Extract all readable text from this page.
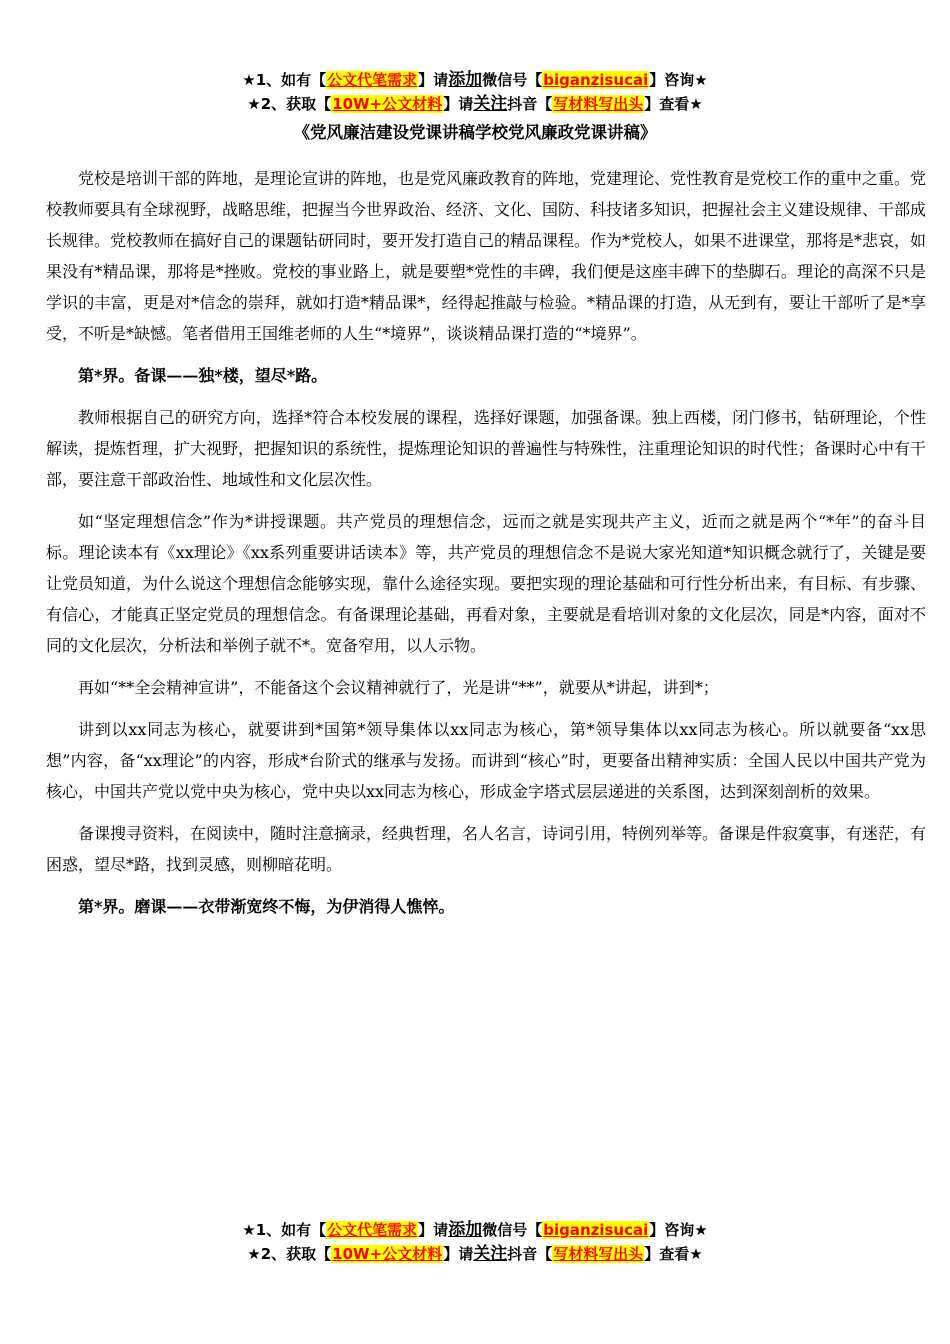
★1、如有【公文代笔需求】请添加微信号【biganzisucai】咨询★
★2、获取【10W+公文材料】请关注抖音【写材料写出头】查看★
《党风廉洁建设党课讲稿学校党风廉政党课讲稿》

党校是培训干部的阵地，是理论宣讲的阵地，也是党风廉政教育的阵地，党建理论、党性教育是党校工作的重中之重。党校教师要具有全球视野，战略思维，把握当今世界政治、经济、文化、国防、科技诸多知识，把握社会主义建设规律、干部成长规律。党校教师在搞好自己的课题钻研同时，要开发打造自己的精品课程。作为*党校人，如果不进课堂，那将是*悲哀，如果没有*精品课，那将是*挫败。党校的事业路上，就是要塑*党性的丰碑，我们便是这座丰碑下的垫脚石。理论的高深不只是学识的丰富，更是对*信念的崇拜，就如打造*精品课*，经得起推敲与检验。*精品课的打造，从无到有，要让干部听了是*享受，不听是*缺憾。笔者借用王国维老师的人生“*境界”，谈谈精品课打造的“*境界”。

第*界。备课——独*楼，望尽*路。

教师根据自己的研究方向，选择*符合本校发展的课程，选择好课题，加强备课。独上西楼，闭门修书，钻研理论，个性解读，提炼哲理，扩大视野，把握知识的系统性，提炼理论知识的普遍性与特殊性，注重理论知识的时代性；备课时心中有干部，要注意干部政治性、地域性和文化层次性。

如“坚定理想信念”作为*讲授课题。共产党员的理想信念，远而之就是实现共产主义，近而之就是两个“*年”的奋斗目标。理论读本有《xx理论》《xx系列重要讲话读本》等，共产党员的理想信念不是说大家光知道*知识概念就行了，关键是要让党员知道，为什么说这个理想信念能够实现，靠什么途径实现。要把实现的理论基础和可行性分析出来，有目标、有步骤、有信心，才能真正坚定党员的理想信念。有备课理论基础，再看对象，主要就是看培训对象的文化层次，同是*内容，面对不同的文化层次，分析法和举例子就不*。宽备窄用，以人示物。

再如“**全会精神宣讲”，不能备这个会议精神就行了，光是讲“**”，就要从*讲起，讲到*；

讲到以xx同志为核心，就要讲到*国第*领导集体以xx同志为核心，第*领导集体以xx同志为核心。所以就要备“xx思想”内容，备“xx理论”的内容，形成*台阶式的继承与发扬。而讲到“核心”时，更要备出精神实质：全国人民以中国共产党为核心，中国共产党以党中央为核心，党中央以xx同志为核心，形成金字塔式层层递进的关系图，达到深刻剖析的效果。

备课搜寻资料，在阅读中，随时注意摘录，经典哲理，名人名言，诗词引用，特例列举等。备课是件寂寞事，有迷茫，有困惑，望尽*路，找到灵感，则柳暗花明。

第*界。磨课——衣带渐宽终不悔，为伊消得人憔悴。

★1、如有【公文代笔需求】请添加微信号【biganzisucai】咨询★
★2、获取【10W+公文材料】请关注抖音【写材料写出头】查看★
